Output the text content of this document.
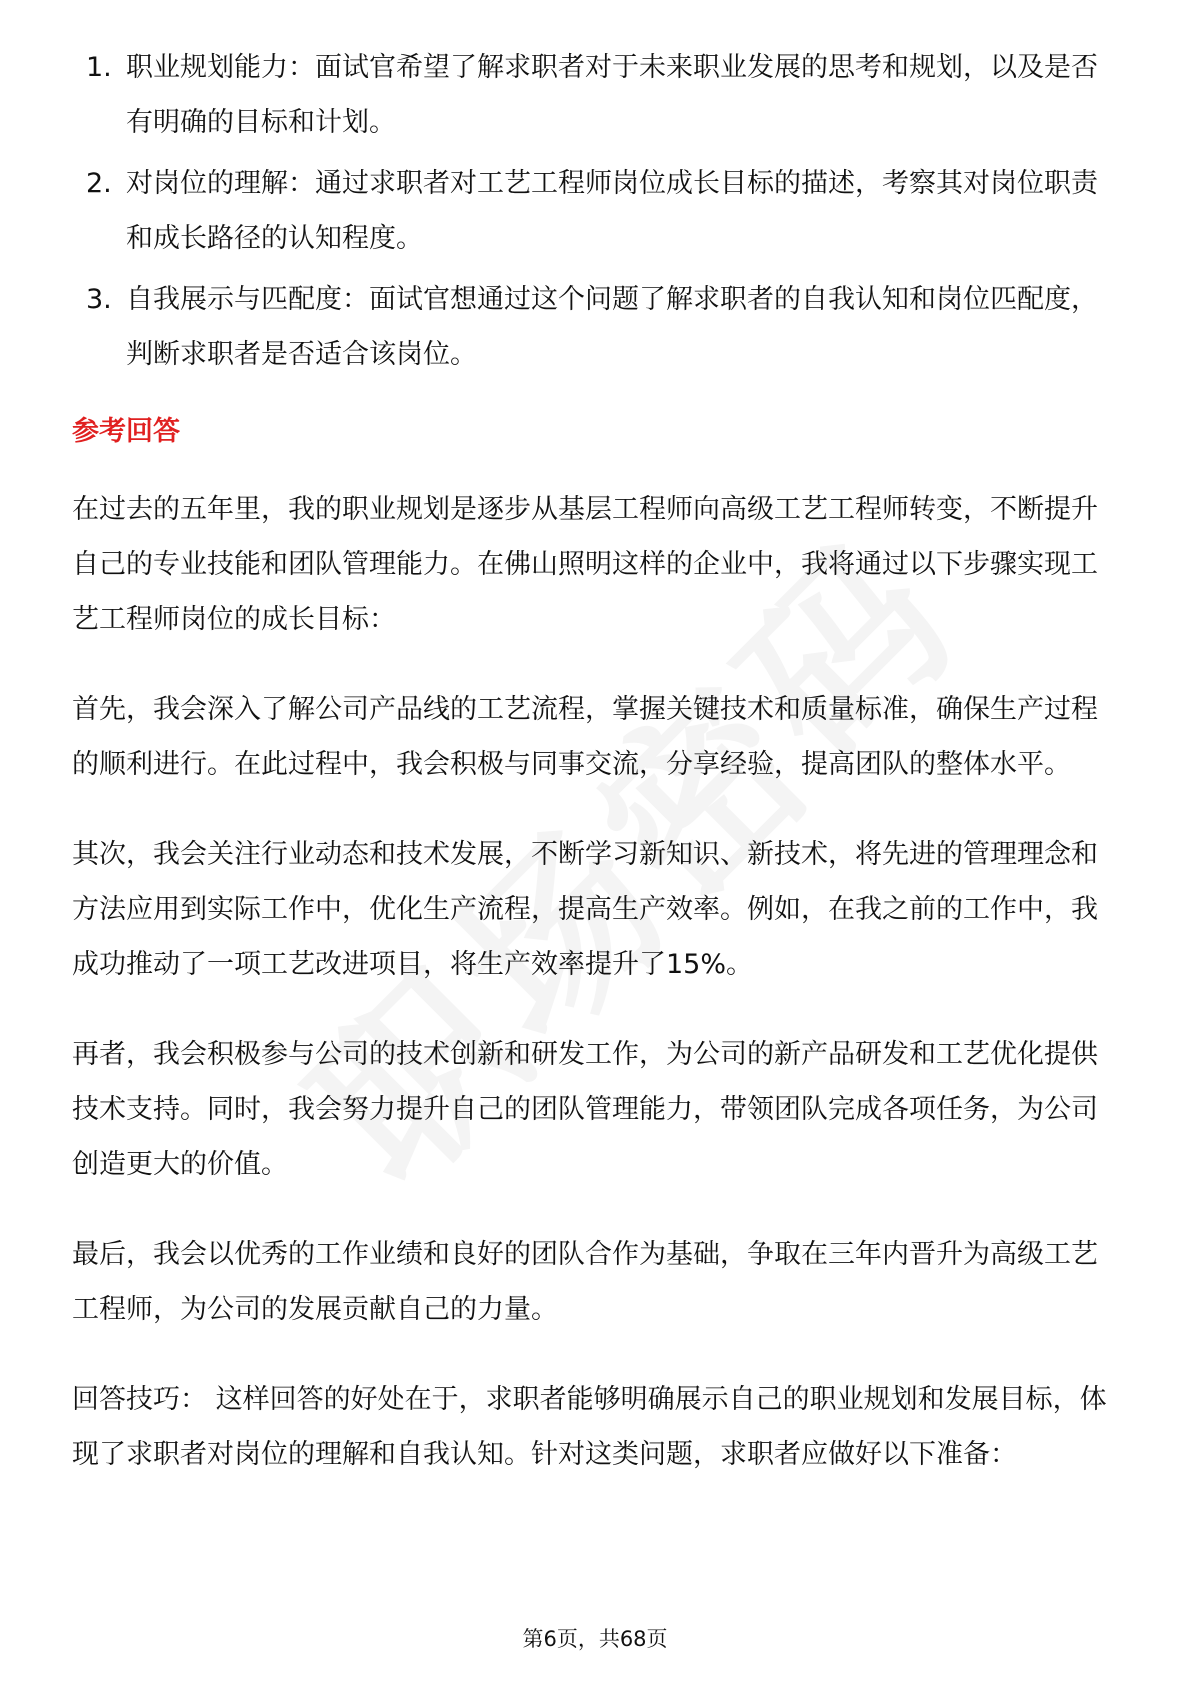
1. 职业规划能力：面试官希望了解求职者对于未来职业发展的思考和规划，以及是否有明确的目标和计划。
2. 对岗位的理解：通过求职者对工艺工程师岗位成长目标的描述，考察其对岗位职责和成长路径的认知程度。
3. 自我展示与匹配度：面试官想通过这个问题了解求职者的自我认知和岗位匹配度，判断求职者是否适合该岗位。
参考回答

在过去的五年里，我的职业规划是逐步从基层工程师向高级工艺工程师转变，不断提升自己的专业技能和团队管理能力。在佛山照明这样的企业中，我将通过以下步骤实现工艺工程师岗位的成长目标：

首先，我会深入了解公司产品线的工艺流程，掌握关键技术和质量标准，确保生产过程的顺利进行。在此过程中，我会积极与同事交流，分享经验，提高团队的整体水平。

其次，我会关注行业动态和技术发展，不断学习新知识、新技术，将先进的管理理念和方法应用到实际工作中，优化生产流程，提高生产效率。例如，在我之前的工作中，我成功推动了一项工艺改进项目，将生产效率提升了15%。

再者，我会积极参与公司的技术创新和研发工作，为公司的新产品研发和工艺优化提供技术支持。同时，我会努力提升自己的团队管理能力，带领团队完成各项任务，为公司创造更大的价值。

最后，我会以优秀的工作业绩和良好的团队合作为基础，争取在三年内晋升为高级工艺工程师，为公司的发展贡献自己的力量。

回答技巧： 这样回答的好处在于，求职者能够明确展示自己的职业规划和发展目标，体现了求职者对岗位的理解和自我认知。针对这类问题，求职者应做好以下准备：

第6页，共68页
